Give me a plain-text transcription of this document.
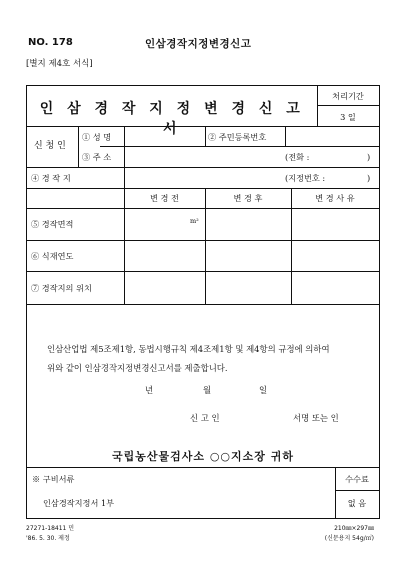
NO. 178	인삼경작지정변경신고
[별지 제4호 서식]
인 삼 경 작 지 정 변 경 신 고 서
처리기간
3 일
신 청 인
① 성 명	② 주민등록번호
③ 주 소	(전화 :	)
④ 경 작 지	(지정번호 :	)
변 경 전	변 경 후	변 경 사 유
⑤ 경작면적	m²
⑥ 식재연도
⑦ 경작지의 위치
인삼산업법 제5조제1항, 동법시행규칙 제4조제1항 및 제4항의 규정에 의하여
위와 같이 인삼경작지정변경신고서를 제출합니다.
년	월	일
신 고 인	서명 또는 인
국립농산물검사소 ○○지소장 귀하
※ 구비서류
인삼경작지정서 1부
수수료
없 음
27271-18411 민
'86. 5. 30. 제정
210㎜×297㎜
(신문용지 54g/㎡)
